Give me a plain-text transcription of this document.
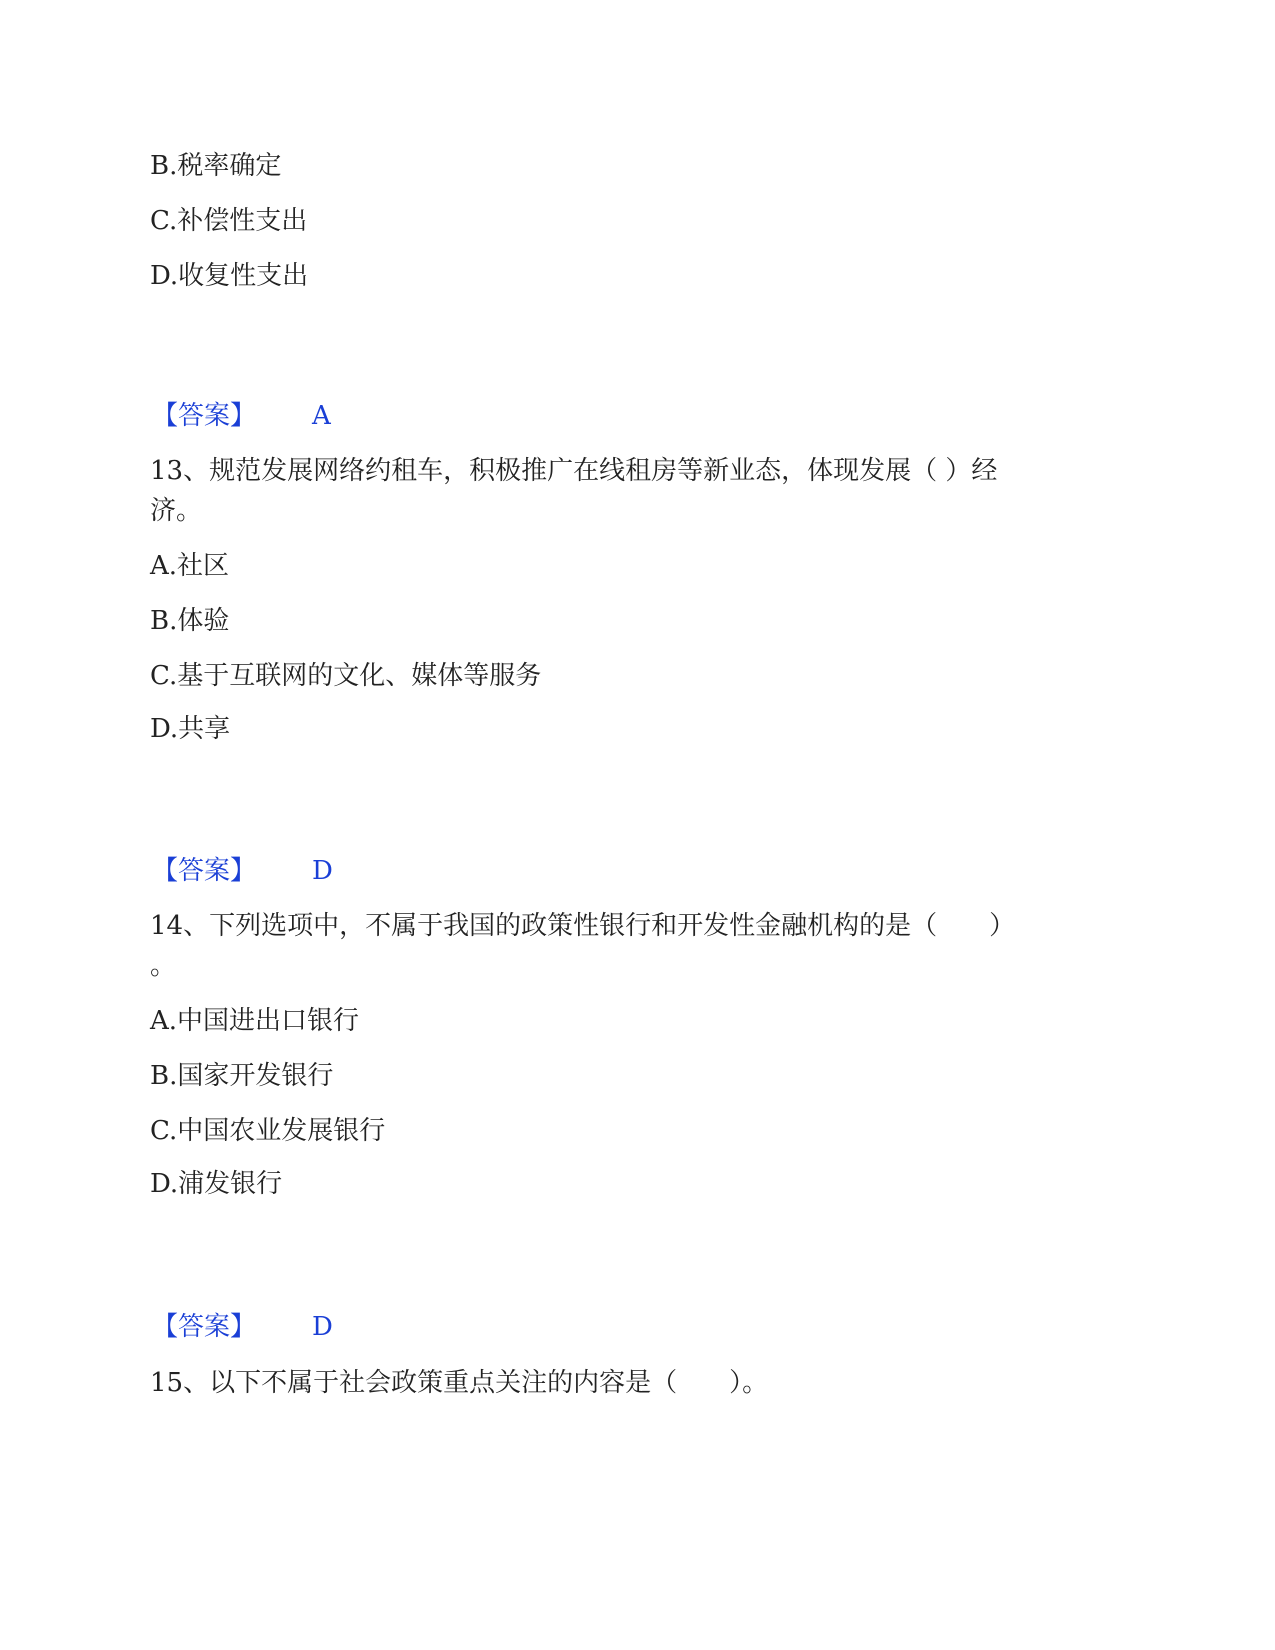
B.税率确定
C.补偿性支出
D.收复性支出
【答案】 A
13、规范发展网络约租车，积极推广在线租房等新业态，体现发展（ ）经
济。
A.社区
B.体验
C.基于互联网的文化、媒体等服务
D.共享
【答案】 D
14、下列选项中，不属于我国的政策性银行和开发性金融机构的是（　　）
。
A.中国进出口银行
B.国家开发银行
C.中国农业发展银行
D.浦发银行
【答案】 D
15、以下不属于社会政策重点关注的内容是（　　）。
